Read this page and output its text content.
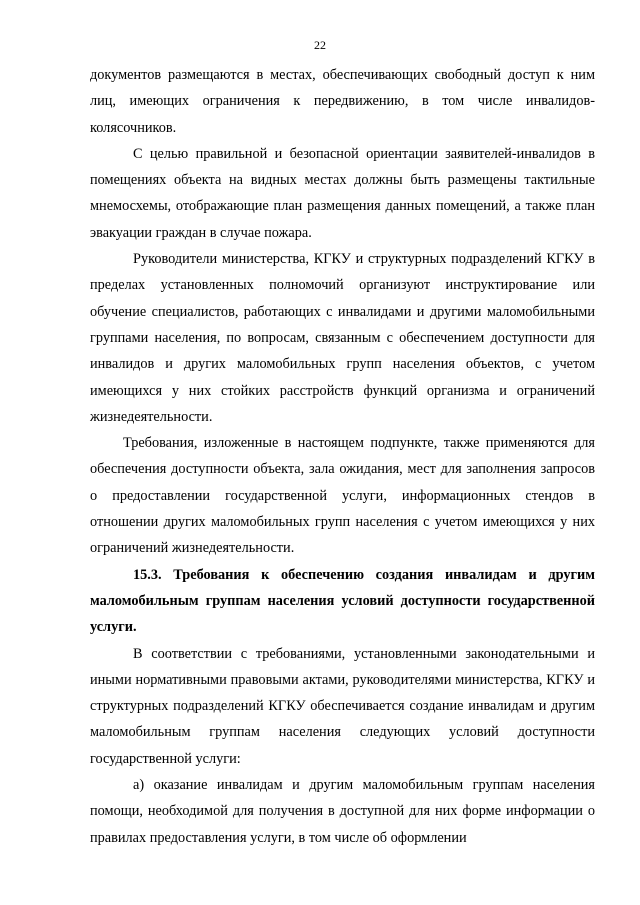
22

документов размещаются в местах, обеспечивающих свободный доступ к ним лиц, имеющих ограничения к передвижению, в том числе инвалидов-колясочников.

С целью правильной и безопасной ориентации заявителей-инвалидов в помещениях объекта на видных местах должны быть размещены тактильные мнемосхемы, отображающие план размещения данных помещений, а также план эвакуации граждан в случае пожара.

Руководители министерства, КГКУ и структурных подразделений КГКУ в пределах установленных полномочий организуют инструктирование или обучение специалистов, работающих с инвалидами и другими маломобильными группами населения, по вопросам, связанным с обеспечением доступности для инвалидов и других маломобильных групп населения объектов, с учетом имеющихся у них стойких расстройств функций организма и ограничений жизнедеятельности.

Требования, изложенные в настоящем подпункте, также применяются для обеспечения доступности объекта, зала ожидания, мест для заполнения запросов о предоставлении государственной услуги, информационных стендов в отношении других маломобильных групп населения с учетом имеющихся у них ограничений жизнедеятельности.

15.3. Требования к обеспечению создания инвалидам и другим маломобильным группам населения условий доступности государственной услуги.

В соответствии с требованиями, установленными законодательными и иными нормативными правовыми актами, руководителями министерства, КГКУ и структурных подразделений КГКУ обеспечивается создание инвалидам и другим маломобильным группам населения следующих условий доступности государственной услуги:

а) оказание инвалидам и другим маломобильным группам населения помощи, необходимой для получения в доступной для них форме информации о правилах предоставления услуги, в том числе об оформлении
